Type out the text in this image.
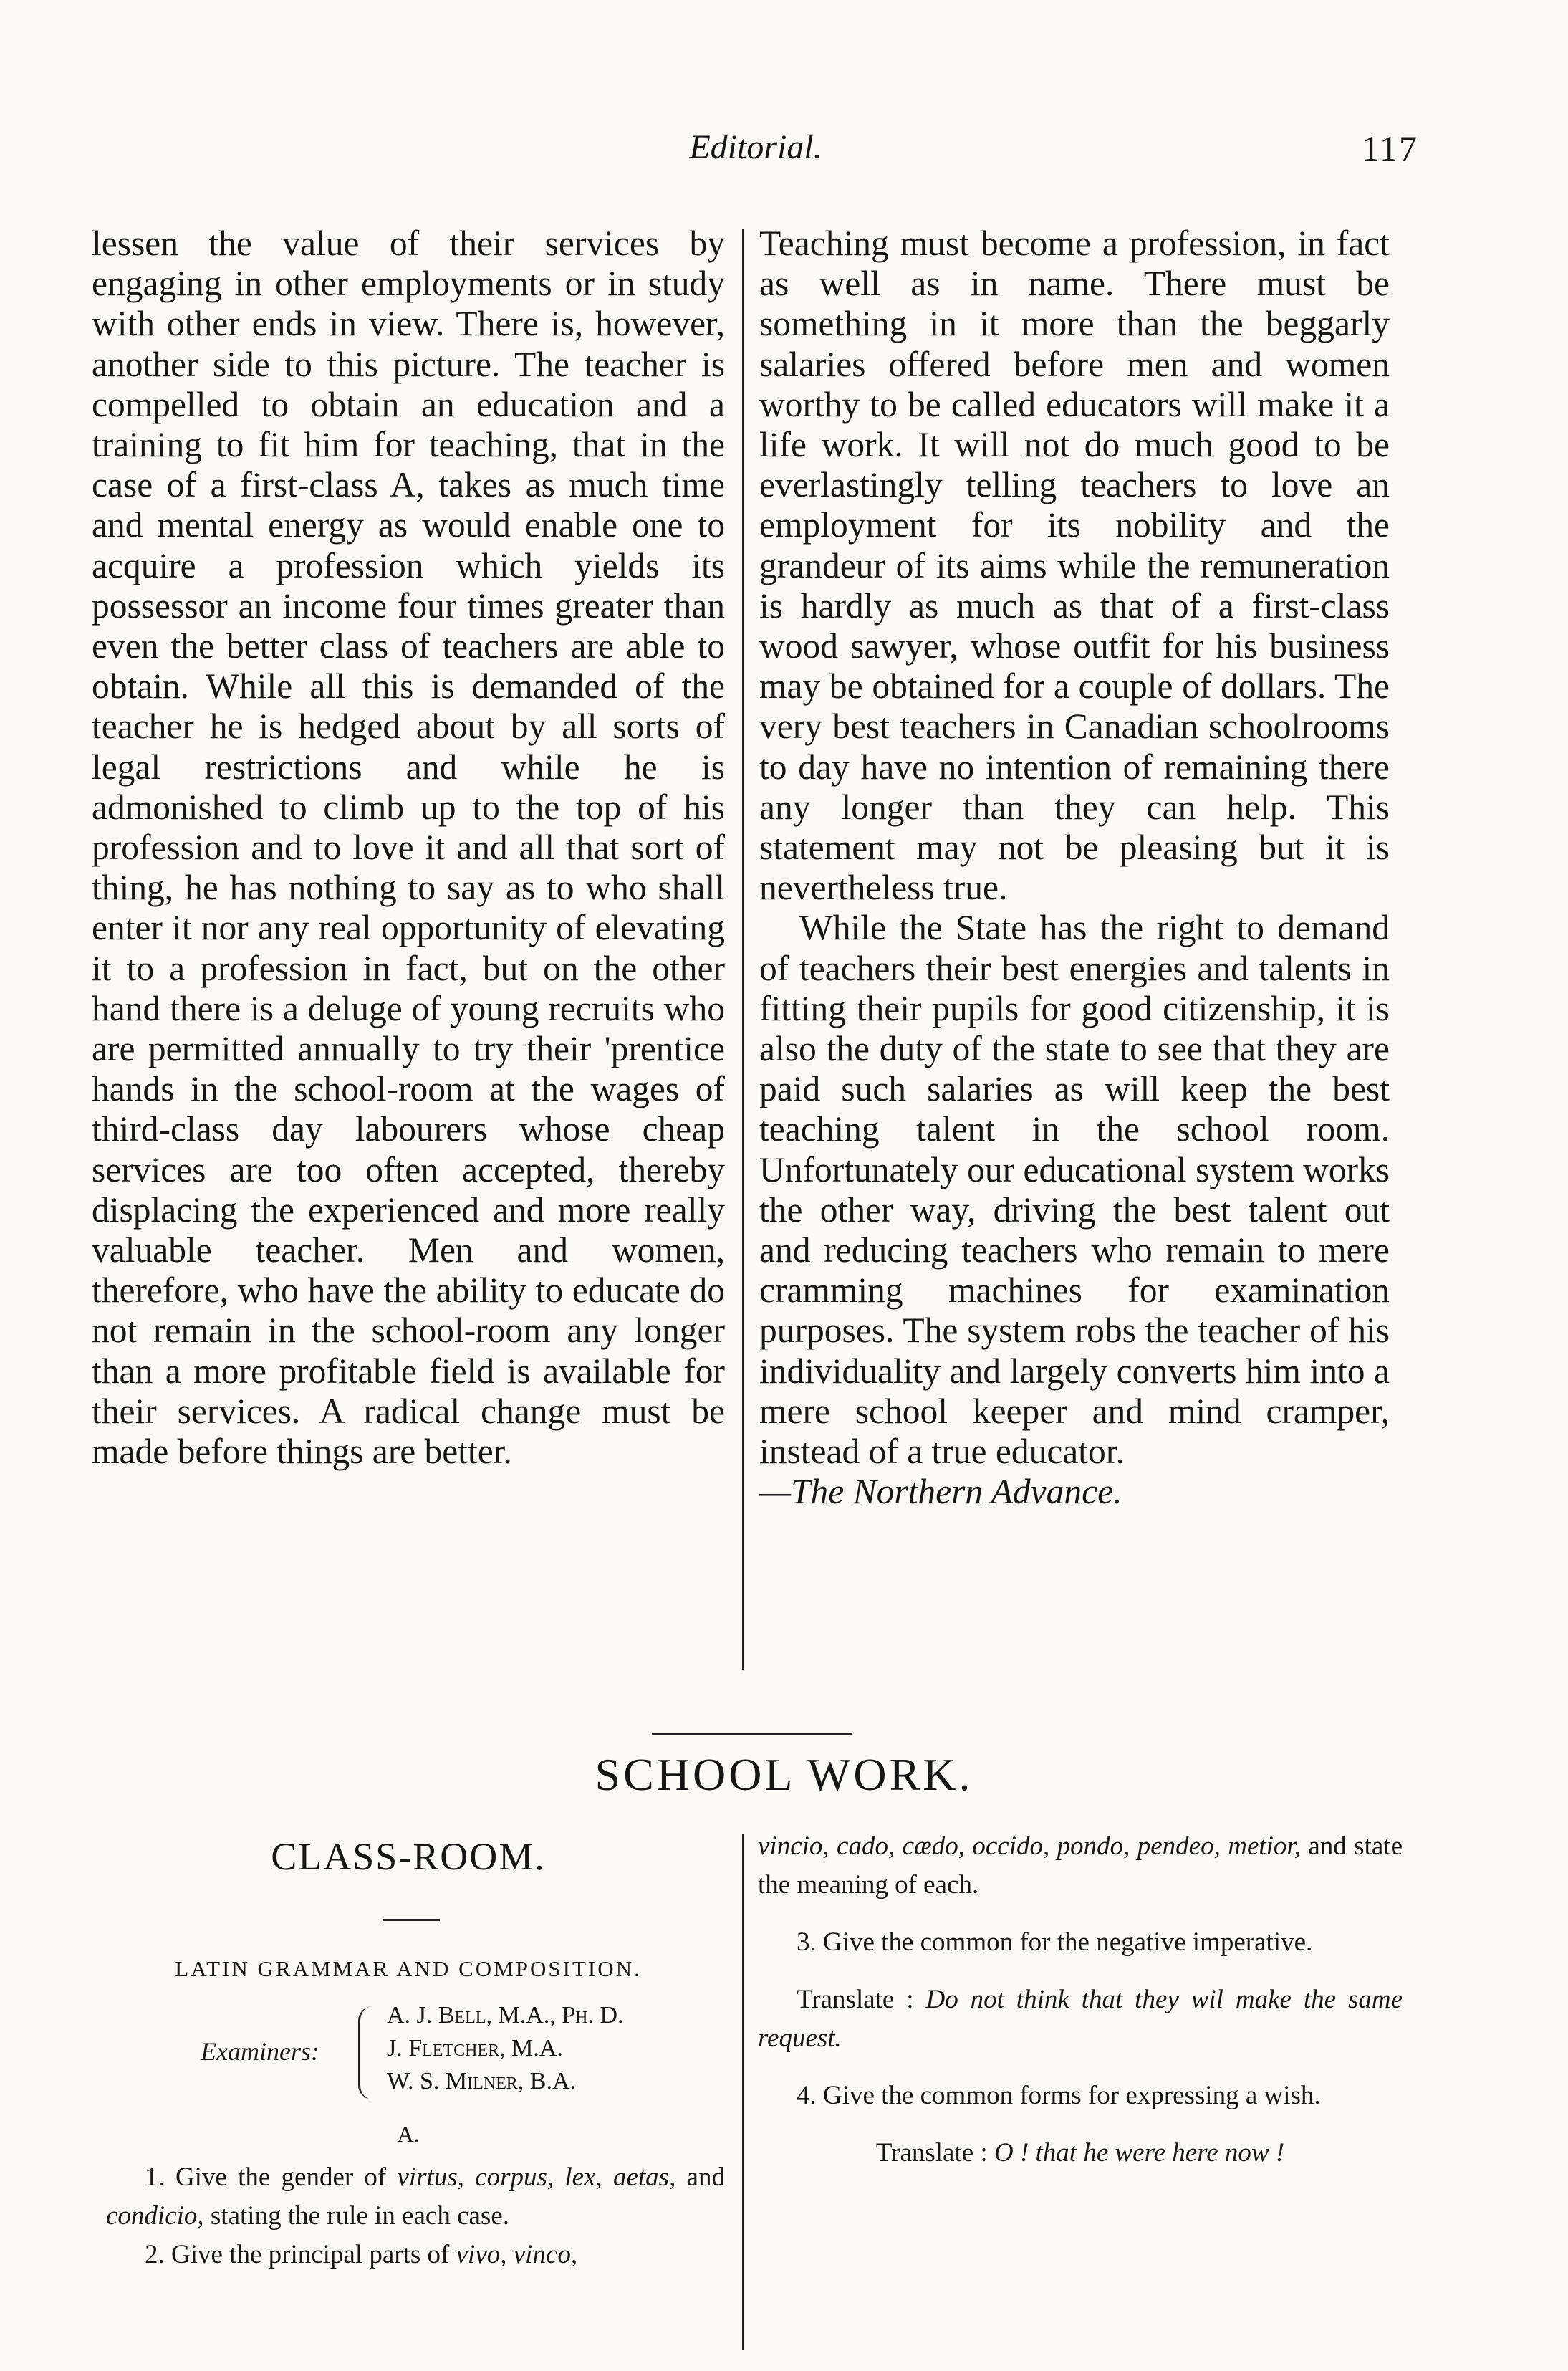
Editorial.	117

lessen the value of their services by engaging in other employments or in study with other ends in view. There is, however, another side to this picture. The teacher is compelled to obtain an education and a training to fit him for teaching, that in the case of a first-class A, takes as much time and mental energy as would enable one to acquire a profession which yields its possessor an income four times greater than even the better class of teachers are able to obtain. While all this is demanded of the teacher he is hedged about by all sorts of legal restrictions and while he is admonished to climb up to the top of his profession and to love it and all that sort of thing, he has nothing to say as to who shall enter it nor any real opportunity of elevating it to a profession in fact, but on the other hand there is a deluge of young recruits who are permitted annually to try their 'prentice hands in the school-room at the wages of third-class day labourers whose cheap services are too often accepted, thereby displacing the experienced and more really valuable teacher. Men and women, therefore, who have the ability to educate do not remain in the school-room any longer than a more profitable field is available for their services. A radical change must be made before things are better.

Teaching must become a profession, in fact as well as in name. There must be something in it more than the beggarly salaries offered before men and women worthy to be called educators will make it a life work. It will not do much good to be everlastingly telling teachers to love an employment for its nobility and the grandeur of its aims while the remuneration is hardly as much as that of a first-class wood sawyer, whose outfit for his business may be obtained for a couple of dollars. The very best teachers in Canadian schoolrooms to day have no intention of remaining there any longer than they can help. This statement may not be pleasing but it is nevertheless true.

While the State has the right to demand of teachers their best energies and talents in fitting their pupils for good citizenship, it is also the duty of the state to see that they are paid such salaries as will keep the best teaching talent in the school room. Unfortunately our educational system works the other way, driving the best talent out and reducing teachers who remain to mere cramming machines for examination purposes. The system robs the teacher of his individuality and largely converts him into a mere school keeper and mind cramper, instead of a true educator.

—The Northern Advance.

SCHOOL WORK.
CLASS-ROOM.
LATIN GRAMMAR AND COMPOSITION.
Examiners:
A. J. Bell, M.A., Ph. D.
J. Fletcher, M.A.
W. S. Milner, B.A.
A.

1. Give the gender of virtus, corpus, lex, aetas, and condicio, stating the rule in each case.

2. Give the principal parts of vivo, vinco,

vincio, cado, cædo, occido, pondo, pendeo, metior, and state the meaning of each.

3. Give the common for the negative imperative.

Translate : Do not think that they wil make the same request.

4. Give the common forms for expressing a wish.

Translate : O ! that he were here now !
